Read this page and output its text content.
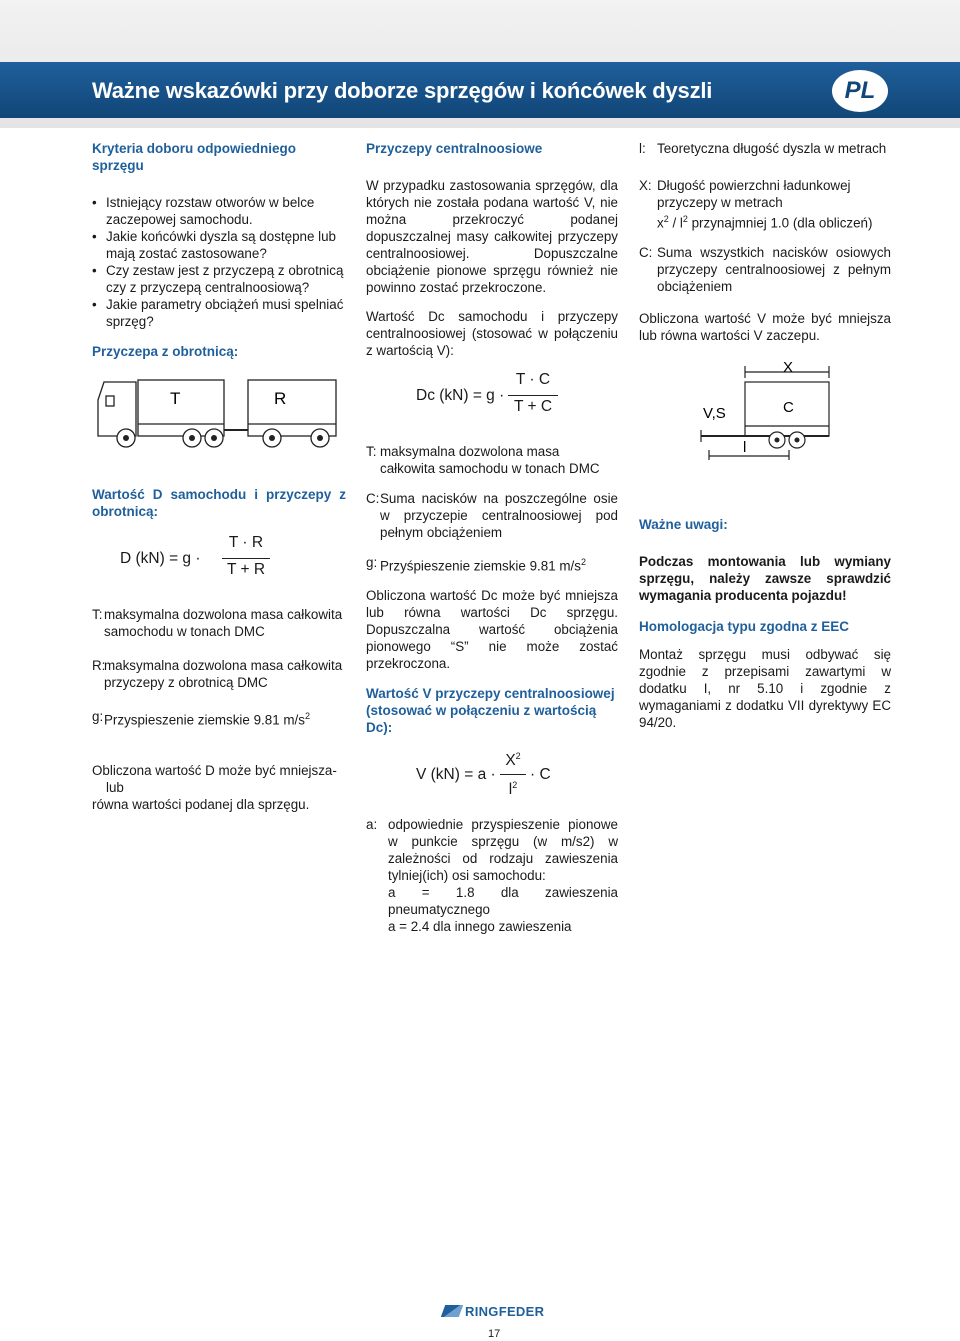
Ważne wskazówki przy doborze sprzęgów i końcówek dyszli	PL
Kryteria doboru odpowiedniego sprzęgu
• Istniejący rozstaw otworów w belce zaczepowej samochodu.
• Jakie końcówki dyszla są dostępne lub mają zostać zastosowane?
• Czy zestaw jest z przyczepą z obrotnicą czy z przyczepą centralnoosiową?
• Jakie parametry obciążeń musi spelniać sprzęg?
Przyczepa z obrotnicą:
T	R
Wartość D samochodu i przyczepy z obrotnicą:
D (kN) = g ·
T · R
T + R
T: maksymalna dozwolona masa całkowita samochodu w tonach DMC
R:
maksymalna dozwolona masa całkowita przyczepy z obrotnicą DMC
g: Przyspieszenie ziemskie 9.81 $m/s^2$
Obliczona wartość D może być mniejsza-
lub
równa wartości podanej dla sprzęgu.
Przyczepy centralnoosiowe

W przypadku zastosowania sprzęgów, dla których nie została podana wartość V, nie można przekroczyć podanej dopuszczalnej masy całkowitej przyczepy centralnoosiowej. Dopuszczalne obciążenie pionowe sprzęgu również nie powinno zostać przekroczone.

Wartość Dc samochodu i przyczepy centralnoosiowej (stosować w połączeniu z wartością V):

Dc (kN) = g ·
T · C
T + C
T: maksymalna dozwolona masa całkowita samochodu w tonach DMC
C: Suma nacisków na poszczególne osie w przyczepie centralnoosiowej pod pełnym obciążeniem
g: Przyśpieszenie ziemskie 9.81 $m/s^2$

Obliczona wartość Dc może być mniejsza lub równa wartości Dc sprzęgu. Dopuszczalna wartość obciążenia pionowego “S” nie może zostać przekroczona.

Wartość V przyczepy centralnoosiowej (stosować w połączeniu z wartością Dc):
V (kN) = a ·
$X^2$
$l^2$
· C
a: odpowiednie przyspieszenie pionowe w punkcie sprzęgu (w m/s2) w zależności od rodzaju zawieszenia tylniej(ich) osi samochodu:
a = 1.8 dla zawieszenia pneumatycznego
a = 2.4 dla innego zawieszenia
l: Teoretyczna długość dyszla w metrach
X: Długość powierzchni ładunkowej przyczepy w metrach
$x^2 / l^2$ przynajmniej 1.0 (dla obliczeń)
C: Suma wszystkich nacisków osiowych przyczepy centralnoosiowej z pełnym obciążeniem

Obliczona wartość V może być mniejsza lub równa wartości V zaczepu.

X
V,S	C
l
Ważne uwagi:

Podczas montowania lub wymiany sprzęgu, należy zawsze sprawdzić wymagania producenta pojazdu!

Homologacja typu zgodna z EEC

Montaż sprzęgu musi odbywać się zgodnie z przepisami zawartymi w dodatku I, nr 5.10 i zgodnie z wymaganiami z dodatku VII dyrektywy EC 94/20.

RINGFEDER
17
